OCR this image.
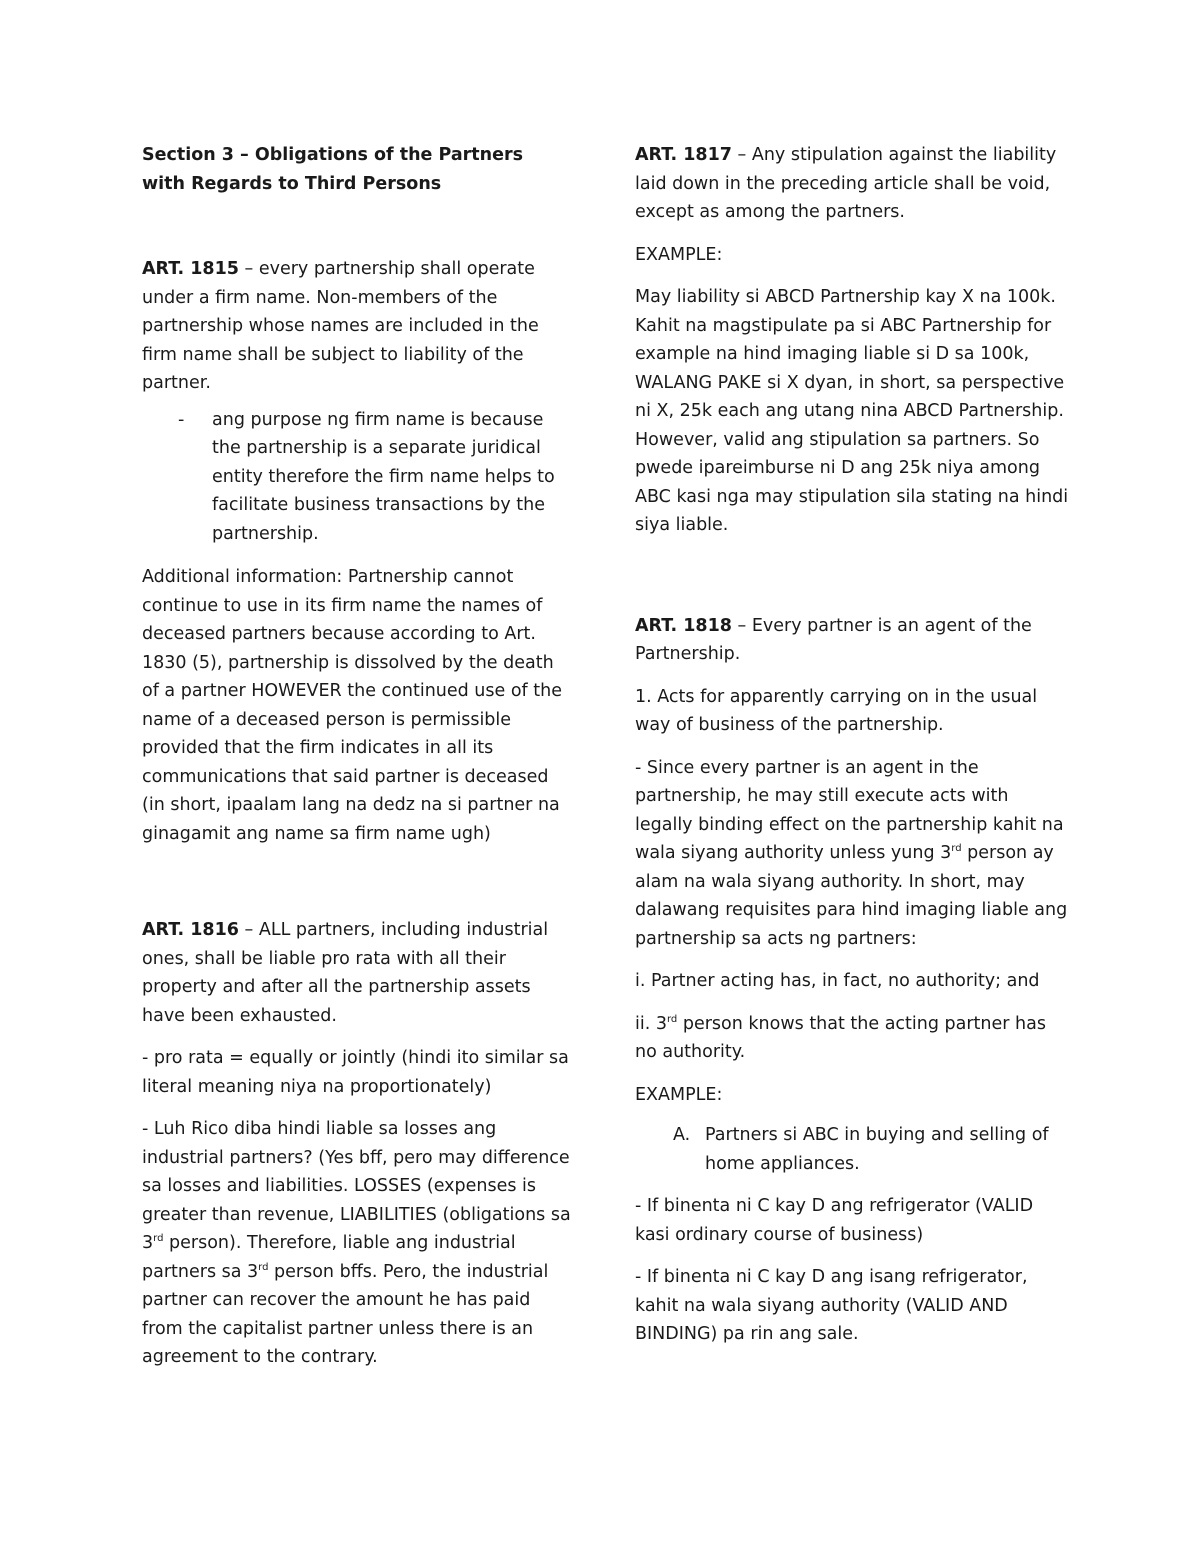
Section 3 – Obligations of the Partners with Regards to Third Persons

ART. 1815 – every partnership shall operate under a firm name. Non-members of the partnership whose names are included in the firm name shall be subject to liability of the partner.

-	ang purpose ng firm name is because the partnership is a separate juridical entity therefore the firm name helps to facilitate business transactions by the partnership.

Additional information: Partnership cannot continue to use in its firm name the names of deceased partners because according to Art. 1830 (5), partnership is dissolved by the death of a partner HOWEVER the continued use of the name of a deceased person is permissible provided that the firm indicates in all its communications that said partner is deceased (in short, ipaalam lang na dedz na si partner na ginagamit ang name sa firm name ugh)

ART. 1816 – ALL partners, including industrial ones, shall be liable pro rata with all their property and after all the partnership assets have been exhausted.

- pro rata = equally or jointly (hindi ito similar sa literal meaning niya na proportionately)

- Luh Rico diba hindi liable sa losses ang industrial partners? (Yes bff, pero may difference sa losses and liabilities. LOSSES (expenses is greater than revenue, LIABILITIES (obligations sa 3rd person). Therefore, liable ang industrial partners sa 3rd person bffs. Pero, the industrial partner can recover the amount he has paid from the capitalist partner unless there is an agreement to the contrary.

ART. 1817 – Any stipulation against the liability laid down in the preceding article shall be void, except as among the partners.

EXAMPLE:

May liability si ABCD Partnership kay X na 100k. Kahit na magstipulate pa si ABC Partnership for example na hind imaging liable si D sa 100k, WALANG PAKE si X dyan, in short, sa perspective ni X, 25k each ang utang nina ABCD Partnership. However, valid ang stipulation sa partners. So pwede ipareimburse ni D ang 25k niya among ABC kasi nga may stipulation sila stating na hindi siya liable.

ART. 1818 – Every partner is an agent of the Partnership.

1. Acts for apparently carrying on in the usual way of business of the partnership.

- Since every partner is an agent in the partnership, he may still execute acts with legally binding effect on the partnership kahit na wala siyang authority unless yung 3rd person ay alam na wala siyang authority. In short, may dalawang requisites para hind imaging liable ang partnership sa acts ng partners:

i. Partner acting has, in fact, no authority; and

ii. 3rd person knows that the acting partner has no authority.

EXAMPLE:

A. Partners si ABC in buying and selling of home appliances.

- If binenta ni C kay D ang refrigerator (VALID kasi ordinary course of business)

- If binenta ni C kay D ang isang refrigerator, kahit na wala siyang authority (VALID AND BINDING) pa rin ang sale.
